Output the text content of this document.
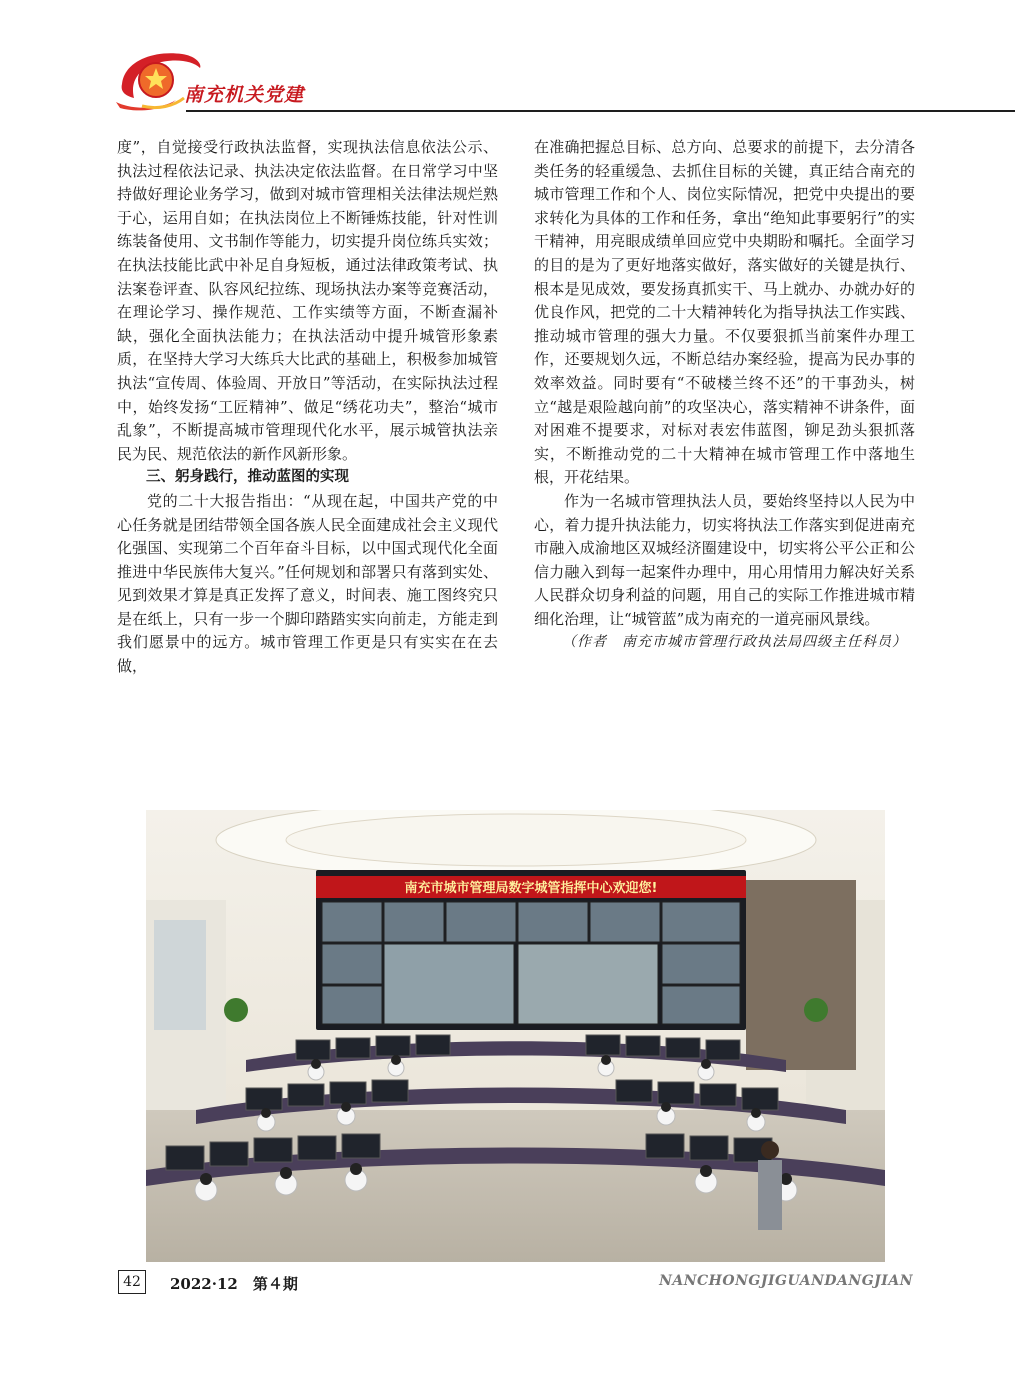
南充机关党建

度”，自觉接受行政执法监督，实现执法信息依法公示、执法过程依法记录、执法决定依法监督。在日常学习中坚持做好理论业务学习，做到对城市管理相关法律法规烂熟于心，运用自如；在执法岗位上不断锤炼技能，针对性训练装备使用、文书制作等能力，切实提升岗位练兵实效；在执法技能比武中补足自身短板，通过法律政策考试、执法案卷评查、队容风纪拉练、现场执法办案等竞赛活动，在理论学习、操作规范、工作实绩等方面，不断查漏补缺，强化全面执法能力；在执法活动中提升城管形象素质，在坚持大学习大练兵大比武的基础上，积极参加城管执法“宣传周、体验周、开放日”等活动，在实际执法过程中，始终发扬“工匠精神”、做足“绣花功夫”，整治“城市乱象”，不断提高城市管理现代化水平，展示城管执法亲民为民、规范依法的新作风新形象。

三、躬身践行，推动蓝图的实现

党的二十大报告指出：“从现在起，中国共产党的中心任务就是团结带领全国各族人民全面建成社会主义现代化强国、实现第二个百年奋斗目标，以中国式现代化全面推进中华民族伟大复兴。”任何规划和部署只有落到实处、见到效果才算是真正发挥了意义，时间表、施工图终究只是在纸上，只有一步一个脚印踏踏实实向前走，方能走到我们愿景中的远方。城市管理工作更是只有实实在在去做，

在准确把握总目标、总方向、总要求的前提下，去分清各类任务的轻重缓急、去抓住目标的关键，真正结合南充的城市管理工作和个人、岗位实际情况，把党中央提出的要求转化为具体的工作和任务，拿出“绝知此事要躬行”的实干精神，用亮眼成绩单回应党中央期盼和嘱托。全面学习的目的是为了更好地落实做好，落实做好的关键是执行、根本是见成效，要发扬真抓实干、马上就办、办就办好的优良作风，把党的二十大精神转化为指导执法工作实践、推动城市管理的强大力量。不仅要狠抓当前案件办理工作，还要规划久远，不断总结办案经验，提高为民办事的效率效益。同时要有“不破楼兰终不还”的干事劲头，树立“越是艰险越向前”的攻坚决心，落实精神不讲条件，面对困难不提要求，对标对表宏伟蓝图，铆足劲头狠抓落实，不断推动党的二十大精神在城市管理工作中落地生根，开花结果。

作为一名城市管理执法人员，要始终坚持以人民为中心，着力提升执法能力，切实将执法工作落实到促进南充市融入成渝地区双城经济圈建设中，切实将公平公正和公信力融入到每一起案件办理中，用心用情用力解决好关系人民群众切身利益的问题，用自己的实际工作推进城市精细化治理，让“城管蓝”成为南充的一道亮丽风景线。

（作者　南充市城市管理行政执法局四级主任科员）

南充市城市管理局数字城管指挥中心欢迎您!
42	2022·12　第４期	NANCHONGJIGUANDANGJIAN
